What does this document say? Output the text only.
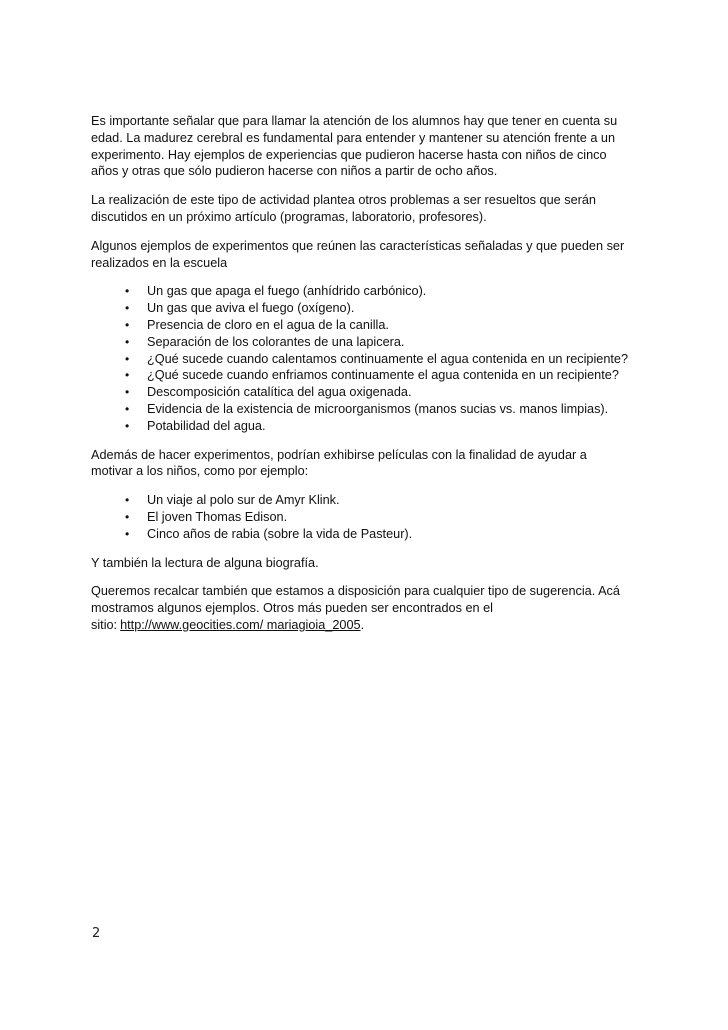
Es importante señalar que para llamar la atención de los alumnos hay que tener en cuenta su edad. La madurez cerebral es fundamental para entender y mantener su atención frente a un experimento. Hay ejemplos de experiencias que pudieron hacerse hasta con niños de cinco años y otras que sólo pudieron hacerse con niños a partir de ocho años.

La realización de este tipo de actividad plantea otros problemas a ser resueltos que serán discutidos en un próximo artículo (programas, laboratorio, profesores).

Algunos ejemplos de experimentos que reúnen las características señaladas y que pueden ser realizados en la escuela

• Un gas que apaga el fuego (anhídrido carbónico).
• Un gas que aviva el fuego (oxígeno).
• Presencia de cloro en el agua de la canilla.
• Separación de los colorantes de una lapicera.
• ¿Qué sucede cuando calentamos continuamente el agua contenida en un recipiente?
• ¿Qué sucede cuando enfriamos continuamente el agua contenida en un recipiente?
• Descomposición catalítica del agua oxigenada.
• Evidencia de la existencia de microorganismos (manos sucias vs. manos limpias).
• Potabilidad del agua.

Además de hacer experimentos, podrían exhibirse películas con la finalidad de ayudar a motivar a los niños, como por ejemplo:

• Un viaje al polo sur de Amyr Klink.
• El joven Thomas Edison.
• Cinco años de rabia (sobre la vida de Pasteur).

Y también la lectura de alguna biografía.

Queremos recalcar también que estamos a disposición para cualquier tipo de sugerencia. Acá mostramos algunos ejemplos. Otros más pueden ser encontrados en el sitio: http://www.geocities.com/ mariagioia_2005.

2
